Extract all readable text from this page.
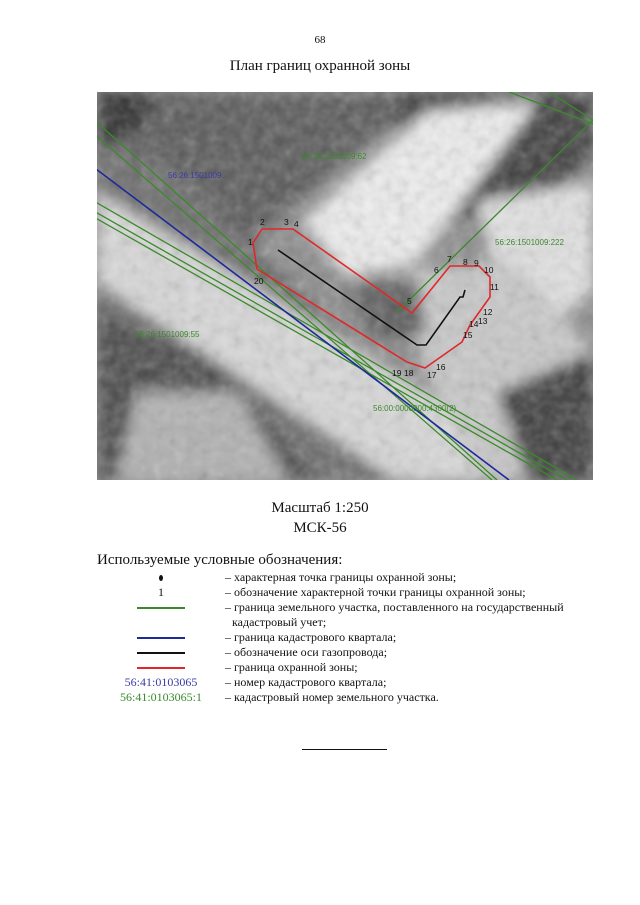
68
План границ охранной зоны
56:26:1501009
56:26:1501009:62
56:26:1501009:222
56:26:1501009:55
56:00:0000000:4300(2)
1
2 3 4
5
6
7 8 9
10
11
12
13
14
15
16
17
18
19
20
Масштаб 1:250
МСК-56
Используемые условные обозначения:
– характерная точка границы охранной зоны;
1	– обозначение характерной точки границы охранной зоны;
– граница земельного участка, поставленного на государственный
кадастровый учет;
– граница кадастрового квартала;
– обозначение оси газопровода;
– граница охранной зоны;
56:41:0103065 – номер кадастрового квартала;
56:41:0103065:1 – кадастровый номер земельного участка.
